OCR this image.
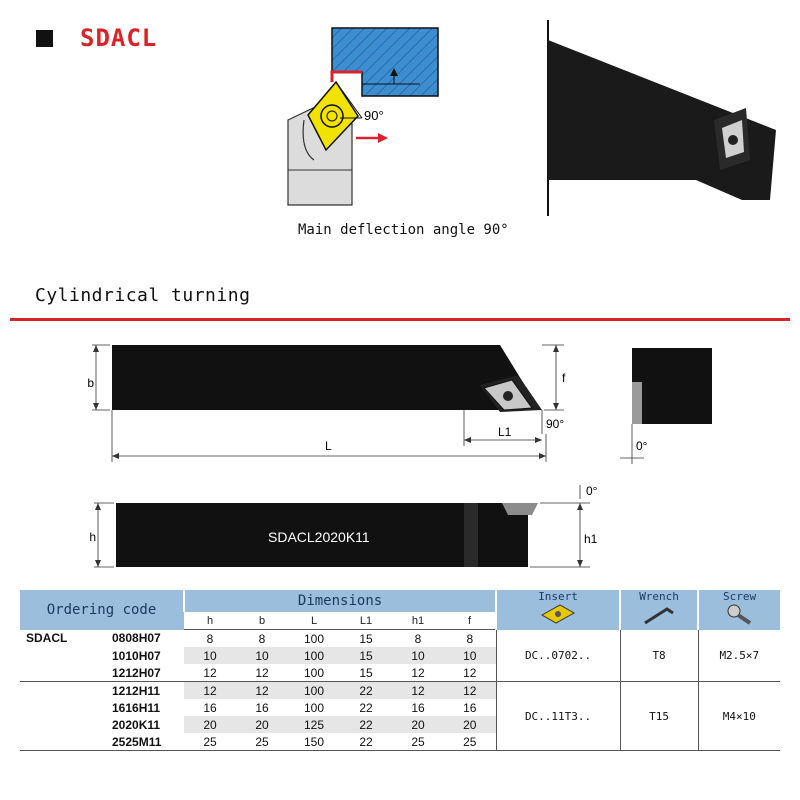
SDACL
90°
Main deflection angle 90°
Cylindrical turning
b	f
90°
L1
L	0°
SDACL2020K11
h	h1
0°
Ordering code		Dimensions						Insert	Wrench	Screw

		h	b	L	L1	h1	f			
SDACL	0808H07	8	8	100	15	8	8	DC..0702..	T8	M2.5×7
	1010H07	10	10	100	15	10	10			
	1212H07	12	12	100	15	12	12			
	1212H11	12	12	100	22	12	12	DC..11T3..	T15	M4×10
	1616H11	16	16	100	22	16	16			
	2020K11	20	20	125	22	20	20			
	2525M11	25	25	150	22	25	25			
